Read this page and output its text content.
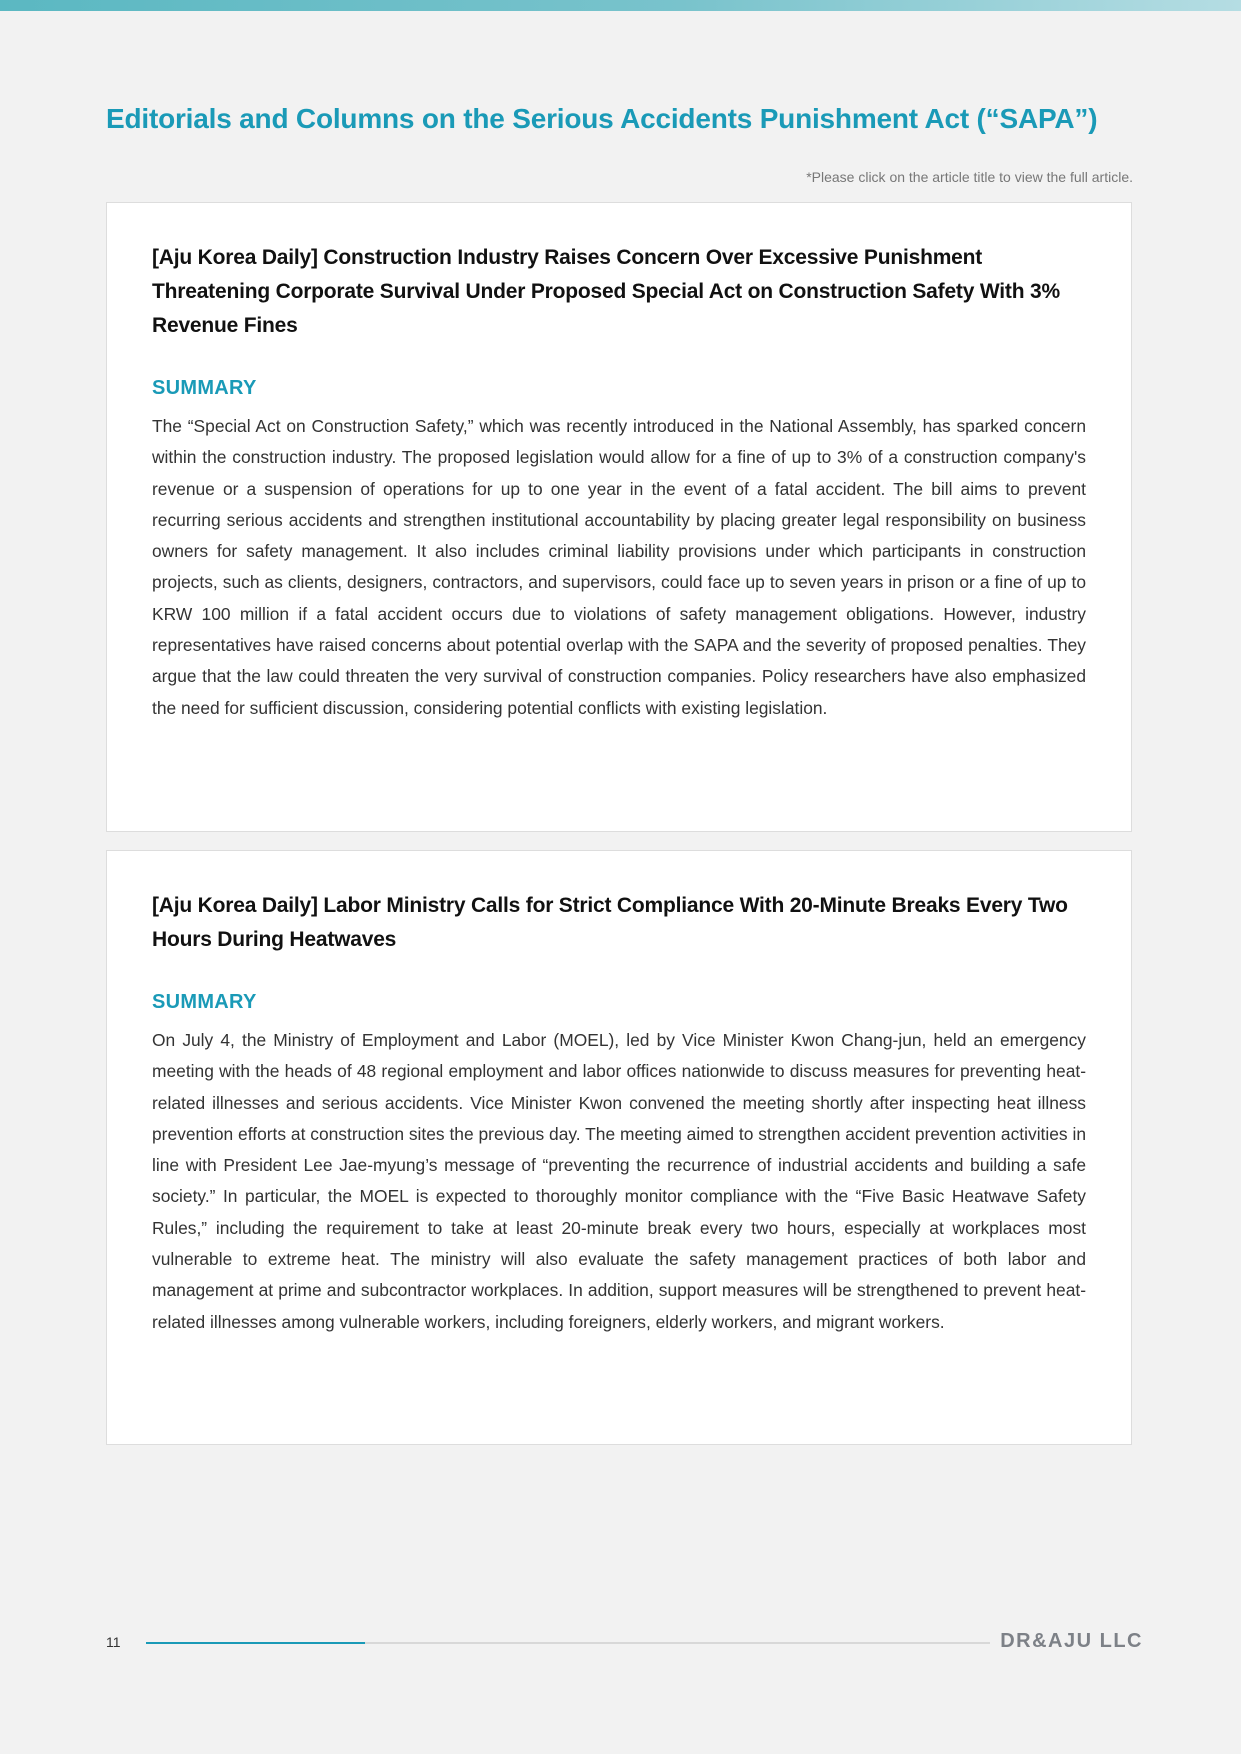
Editorials and Columns on the Serious Accidents Punishment Act (“SAPA”)
*Please click on the article title to view the full article.
[Aju Korea Daily] Construction Industry Raises Concern Over Excessive Punishment Threatening Corporate Survival Under Proposed Special Act on Construction Safety With 3% Revenue Fines
SUMMARY

The “Special Act on Construction Safety,” which was recently introduced in the National Assembly, has sparked concern within the construction industry. The proposed legislation would allow for a fine of up to 3% of a construction company's revenue or a suspension of operations for up to one year in the event of a fatal accident. The bill aims to prevent recurring serious accidents and strengthen institutional accountability by placing greater legal responsibility on business owners for safety management. It also includes criminal liability provisions under which participants in construction projects, such as clients, designers, contractors, and supervisors, could face up to seven years in prison or a fine of up to KRW 100 million if a fatal accident occurs due to violations of safety management obligations. However, industry representatives have raised concerns about potential overlap with the SAPA and the severity of proposed penalties. They argue that the law could threaten the very survival of construction companies. Policy researchers have also emphasized the need for sufficient discussion, considering potential conflicts with existing legislation.

[Aju Korea Daily] Labor Ministry Calls for Strict Compliance With 20-Minute Breaks Every Two Hours During Heatwaves
SUMMARY

On July 4, the Ministry of Employment and Labor (MOEL), led by Vice Minister Kwon Chang-jun, held an emergency meeting with the heads of 48 regional employment and labor offices nationwide to discuss measures for preventing heat-related illnesses and serious accidents. Vice Minister Kwon convened the meeting shortly after inspecting heat illness prevention efforts at construction sites the previous day. The meeting aimed to strengthen accident prevention activities in line with President Lee Jae-myung’s message of “preventing the recurrence of industrial accidents and building a safe society.” In particular, the MOEL is expected to thoroughly monitor compliance with the “Five Basic Heatwave Safety Rules,” including the requirement to take at least 20-minute break every two hours, especially at workplaces most vulnerable to extreme heat. The ministry will also evaluate the safety management practices of both labor and management at prime and subcontractor workplaces. In addition, support measures will be strengthened to prevent heat-related illnesses among vulnerable workers, including foreigners, elderly workers, and migrant workers.

11	DR&AJU LLC
